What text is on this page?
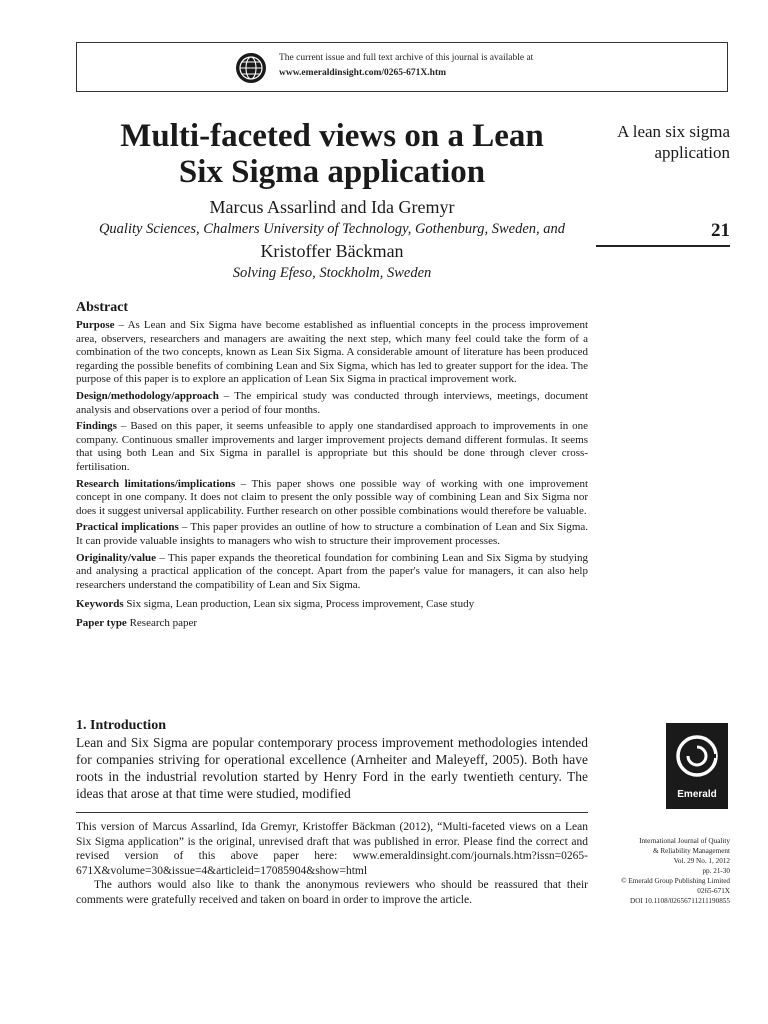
The current issue and full text archive of this journal is available at
www.emeraldinsight.com/0265-671X.htm
Multi-faceted views on a Lean
Six Sigma application
Marcus Assarlind and Ida Gremyr
Quality Sciences, Chalmers University of Technology, Gothenburg, Sweden, and
Kristoffer Bäckman
Solving Efeso, Stockholm, Sweden
A lean six sigma
application
21
Abstract

Purpose – As Lean and Six Sigma have become established as influential concepts in the process improvement area, observers, researchers and managers are awaiting the next step, which many feel could take the form of a combination of the two concepts, known as Lean Six Sigma. A considerable amount of literature has been produced regarding the possible benefits of combining Lean and Six Sigma, which has led to greater support for the idea. The purpose of this paper is to explore an application of Lean Six Sigma in practical improvement work.

Design/methodology/approach – The empirical study was conducted through interviews, meetings, document analysis and observations over a period of four months.

Findings – Based on this paper, it seems unfeasible to apply one standardised approach to improvements in one company. Continuous smaller improvements and larger improvement projects demand different formulas. It seems that using both Lean and Six Sigma in parallel is appropriate but this should be done through clever cross-fertilisation.

Research limitations/implications – This paper shows one possible way of working with one improvement concept in one company. It does not claim to present the only possible way of combining Lean and Six Sigma nor does it suggest universal applicability. Further research on other possible combinations would therefore be valuable.

Practical implications – This paper provides an outline of how to structure a combination of Lean and Six Sigma. It can provide valuable insights to managers who wish to structure their improvement processes.

Originality/value – This paper expands the theoretical foundation for combining Lean and Six Sigma by studying and analysing a practical application of the concept. Apart from the paper's value for managers, it can also help researchers understand the compatibility of Lean and Six Sigma.

Keywords Six sigma, Lean production, Lean six sigma, Process improvement, Case study

Paper type Research paper

1. Introduction
Lean and Six Sigma are popular contemporary process improvement methodologies intended for companies striving for operational excellence (Arnheiter and Maleyeff, 2005). Both have roots in the industrial revolution started by Henry Ford in the early twentieth century. The ideas that arose at that time were studied, modified	Emerald

This version of Marcus Assarlind, Ida Gremyr, Kristoffer Bäckman (2012), “Multi-faceted views on a Lean Six Sigma application” is the original, unrevised draft that was published in error. Please find the correct and revised version of this above paper here: www.emeraldinsight.com/journals.htm?issn=0265-671X&volume=30&issue=4&articleid=17085904&show=html

The authors would also like to thank the anonymous reviewers who should be reassured that their comments were gratefully received and taken on board in order to improve the article.

International Journal of Quality
& Reliability Management
Vol. 29 No. 1, 2012
pp. 21-30
© Emerald Group Publishing Limited
0265-671X
DOI 10.1108/02656711211190855
